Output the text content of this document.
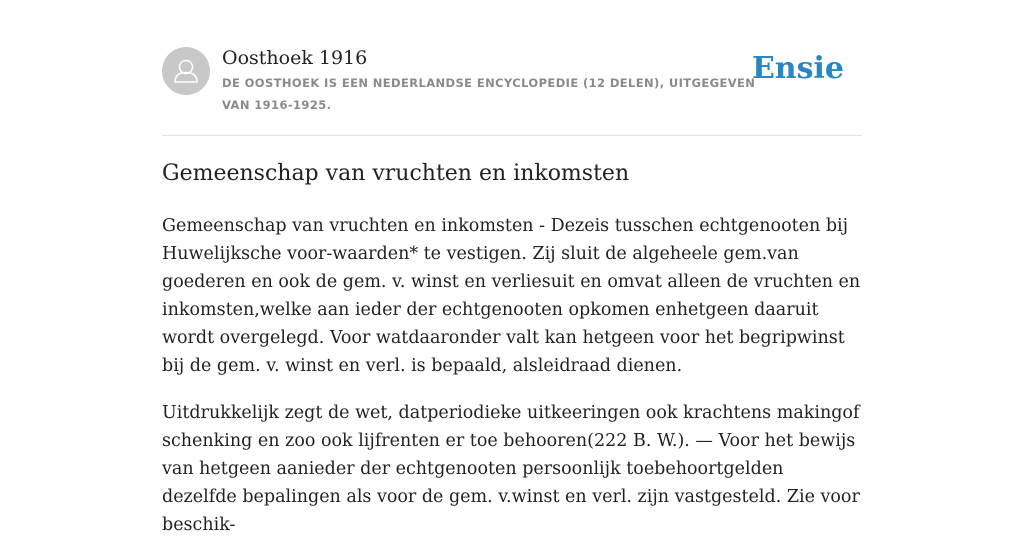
Oosthoek 1916
DE OOSTHOEK IS EEN NEDERLANDSE ENCYCLOPEDIE (12 DELEN), UITGEGEVEN VAN 1916-1925.
Ensie
Gemeenschap van vruchten en inkomsten

Gemeenschap van vruchten en inkomsten - Dezeis tusschen echtgenooten bij Huwelijksche voor-waarden* te vestigen. Zij sluit de algeheele gem.van goederen en ook de gem. v. winst en verliesuit en omvat alleen de vruchten en inkomsten,welke aan ieder der echtgenooten opkomen enhetgeen daaruit wordt overgelegd. Voor watdaaronder valt kan hetgeen voor het begripwinst bij de gem. v. winst en verl. is bepaald, alsleidraad dienen.

Uitdrukkelijk zegt de wet, datperiodieke uitkeeringen ook krachtens makingof schenking en zoo ook lijfrenten er toe behooren(222 B. W.). — Voor het bewijs van hetgeen aanieder der echtgenooten persoonlijk toebehoortgelden dezelfde bepalingen als voor de gem. v.winst en verl. zijn vastgesteld. Zie voor beschik-
